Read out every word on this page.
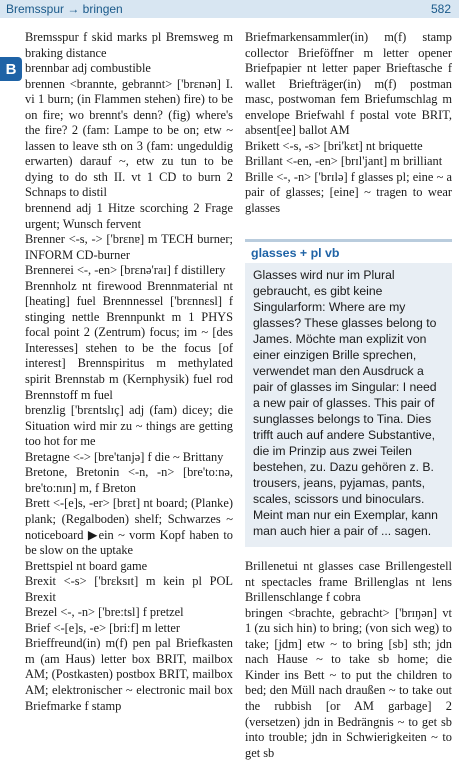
Bremsspur → bringen	582
B
Bremsspur f skid marks pl Bremsweg m braking distance
brennbar adj combustible
brennen <brannte, gebrannt> ['brɛnən] I. vi 1 burn; (in Flammen stehen) fire) to be on fire; wo brennt's denn? (fig) where's the fire? 2 (fam: Lampe to be on; etw ~ lassen to leave sth on 3 (fam: ungeduldig erwarten) darauf ~, etw zu tun to be dying to do sth II. vt 1 CD to burn 2 Schnaps to distil
brennend adj 1 Hitze scorching 2 Frage urgent; Wunsch fervent
Brenner <-s, -> ['brɛnɐ] m TECH burner; INFORM CD-burner
Brennerei <-, -en> [brɛnə'raɪ] f distillery
Brennholz nt firewood Brennmaterial nt [heating] fuel Brennnessel ['brɛnnɛsl] f stinging nettle Brennpunkt m 1 PHYS focal point 2 (Zentrum) focus; im ~ [des Interesses] stehen to be the focus [of interest] Brennspiritus m methylated spirit Brennstab m (Kernphysik) fuel rod Brennstoff m fuel
brenzlig ['brɛntslɪç] adj (fam) dicey; die Situation wird mir zu ~ things are getting too hot for me
Bretagne <-> [bre'tanjə] f die ~ Brittany
Bretone, Bretonin <-n, -n> [bre'to:nə, bre'to:nɪn] m, f Breton
Brett <-[e]s, -er> [brɛt] nt board; (Planke) plank; (Regalboden) shelf; Schwarzes ~ noticeboard ▶ein ~ vorm Kopf haben to be slow on the uptake
Brettspiel nt board game
Brexit <-s> ['brɛksɪt] m kein pl POL Brexit
Brezel <-, -n> ['bre:tsl] f pretzel
Brief <-[e]s, -e> [bri:f] m letter
Brieffreund(in) m(f) pen pal Briefkasten m (am Haus) letter box BRIT, mailbox AM; (Postkasten) postbox BRIT, mailbox AM; elektronischer ~ electronic mail box Briefmarke f stamp
Briefmarkensammler(in) m(f) stamp collector Brieföffner m letter opener Briefpapier nt letter paper Brieftasche f wallet Briefträger(in) m(f) postman masc, postwoman fem Briefumschlag m envelope Briefwahl f postal vote BRIT, absent[ee] ballot AM
Brikett <-s, -s> [bri'kɛt] nt briquette
Brillant <-en, -en> [brɪl'jant] m brilliant
Brille <-, -n> ['brɪlə] f glasses pl; eine ~ a pair of glasses; [eine] ~ tragen to wear glasses
glasses + pl vb
Glasses wird nur im Plural gebraucht, es gibt keine Singularform: Where are my glasses? These glasses belong to James. Möchte man explizit von einer einzigen Brille sprechen, verwendet man den Ausdruck a pair of glasses im Singular: I need a new pair of glasses. This pair of sunglasses belongs to Tina. Dies trifft auch auf andere Substantive, die im Prinzip aus zwei Teilen bestehen, zu. Dazu gehören z. B. trousers, jeans, pyjamas, pants, scales, scissors und binoculars. Meint man nur ein Exemplar, kann man auch hier a pair of ... sagen.
Brillenetui nt glasses case Brillengestell nt spectacles frame Brillenglas nt lens Brillenschlange f cobra
bringen <brachte, gebracht> ['brɪŋən] vt 1 (zu sich hin) to bring; (von sich weg) to take; [jdm] etw ~ to bring [sb] sth; jdn nach Hause ~ to take sb home; die Kinder ins Bett ~ to put the children to bed; den Müll nach draußen ~ to take out the rubbish [or AM garbage] 2 (versetzen) jdn in Bedrängnis ~ to get sb into trouble; jdn in Schwierigkeiten ~ to get sb
